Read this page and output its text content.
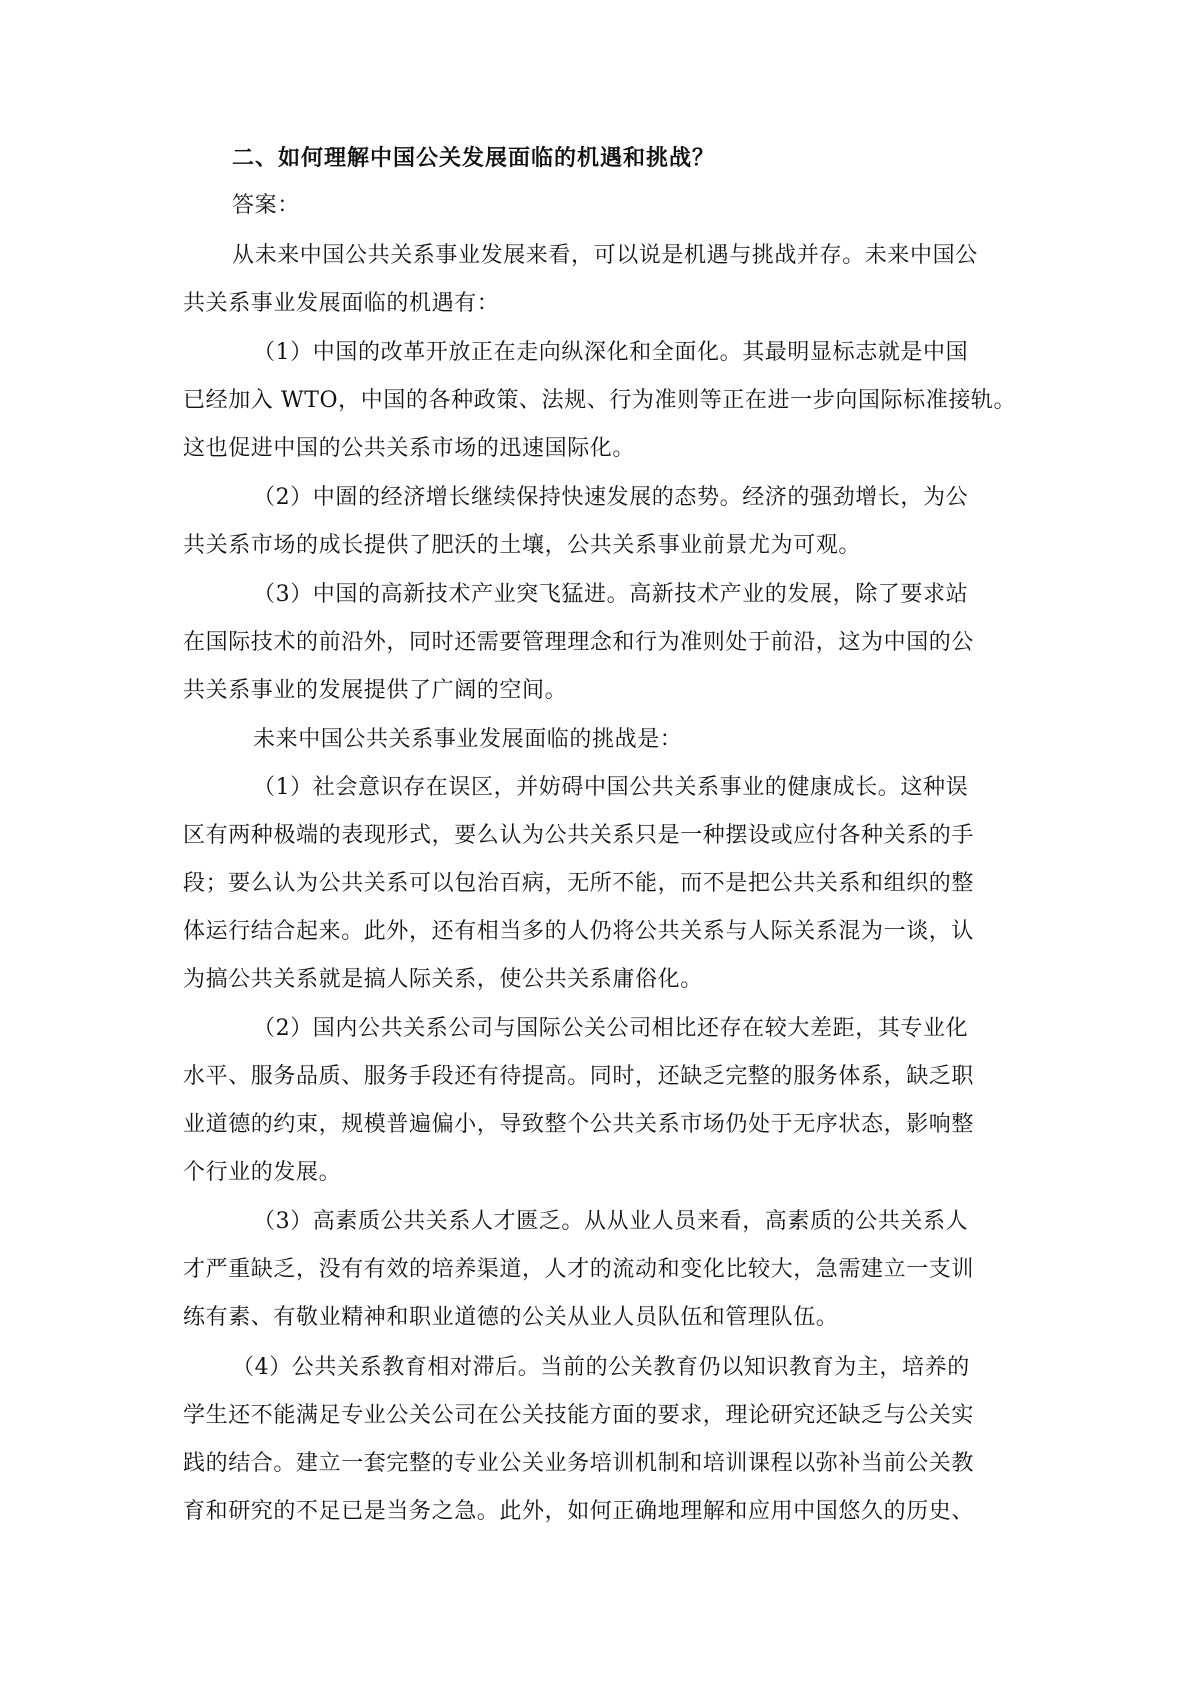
二、如何理解中国公关发展面临的机遇和挑战？
答案：
从未来中国公共关系事业发展来看，可以说是机遇与挑战并存。未来中国公
共关系事业发展面临的机遇有：
（1）中国的改革开放正在走向纵深化和全面化。其最明显标志就是中国
已经加入 WTO，中国的各种政策、法规、行为准则等正在进一步向国际标准接轨。
这也促进中国的公共关系市场的迅速国际化。
（2）中圄的经济增长继续保持快速发展的态势。经济的强劲增长，为公
共关系市场的成长提供了肥沃的土壤，公共关系事业前景尤为可观。
（3）中国的高新技术产业突飞猛进。高新技术产业的发展，除了要求站
在国际技术的前沿外，同时还需要管理理念和行为准则处于前沿，这为中国的公
共关系事业的发展提供了广阔的空间。
未来中国公共关系事业发展面临的挑战是：
（1）社会意识存在误区，并妨碍中国公共关系事业的健康成长。这种误
区有两种极端的表现形式，要么认为公共关系只是一种摆设或应付各种关系的手
段；要么认为公共关系可以包治百病，无所不能，而不是把公共关系和组织的整
体运行结合起来。此外，还有相当多的人仍将公共关系与人际关系混为一谈，认
为搞公共关系就是搞人际关系，使公共关系庸俗化。
（2）国内公共关系公司与国际公关公司相比还存在较大差距，其专业化
水平、服务品质、服务手段还有待提高。同时，还缺乏完整的服务体系，缺乏职
业道德的约束，规模普遍偏小，导致整个公共关系市场仍处于无序状态，影响整
个行业的发展。
（3）高素质公共关系人才匮乏。从从业人员来看，高素质的公共关系人
才严重缺乏，没有有效的培养渠道，人才的流动和变化比较大，急需建立一支训
练有素、有敬业精神和职业道德的公关从业人员队伍和管理队伍。
（4）公共关系教育相对滞后。当前的公关教育仍以知识教育为主，培养的
学生还不能满足专业公关公司在公关技能方面的要求，理论研究还缺乏与公关实
践的结合。建立一套完整的专业公关业务培训机制和培训课程以弥补当前公关教
育和研究的不足已是当务之急。此外，如何正确地理解和应用中国悠久的历史、
